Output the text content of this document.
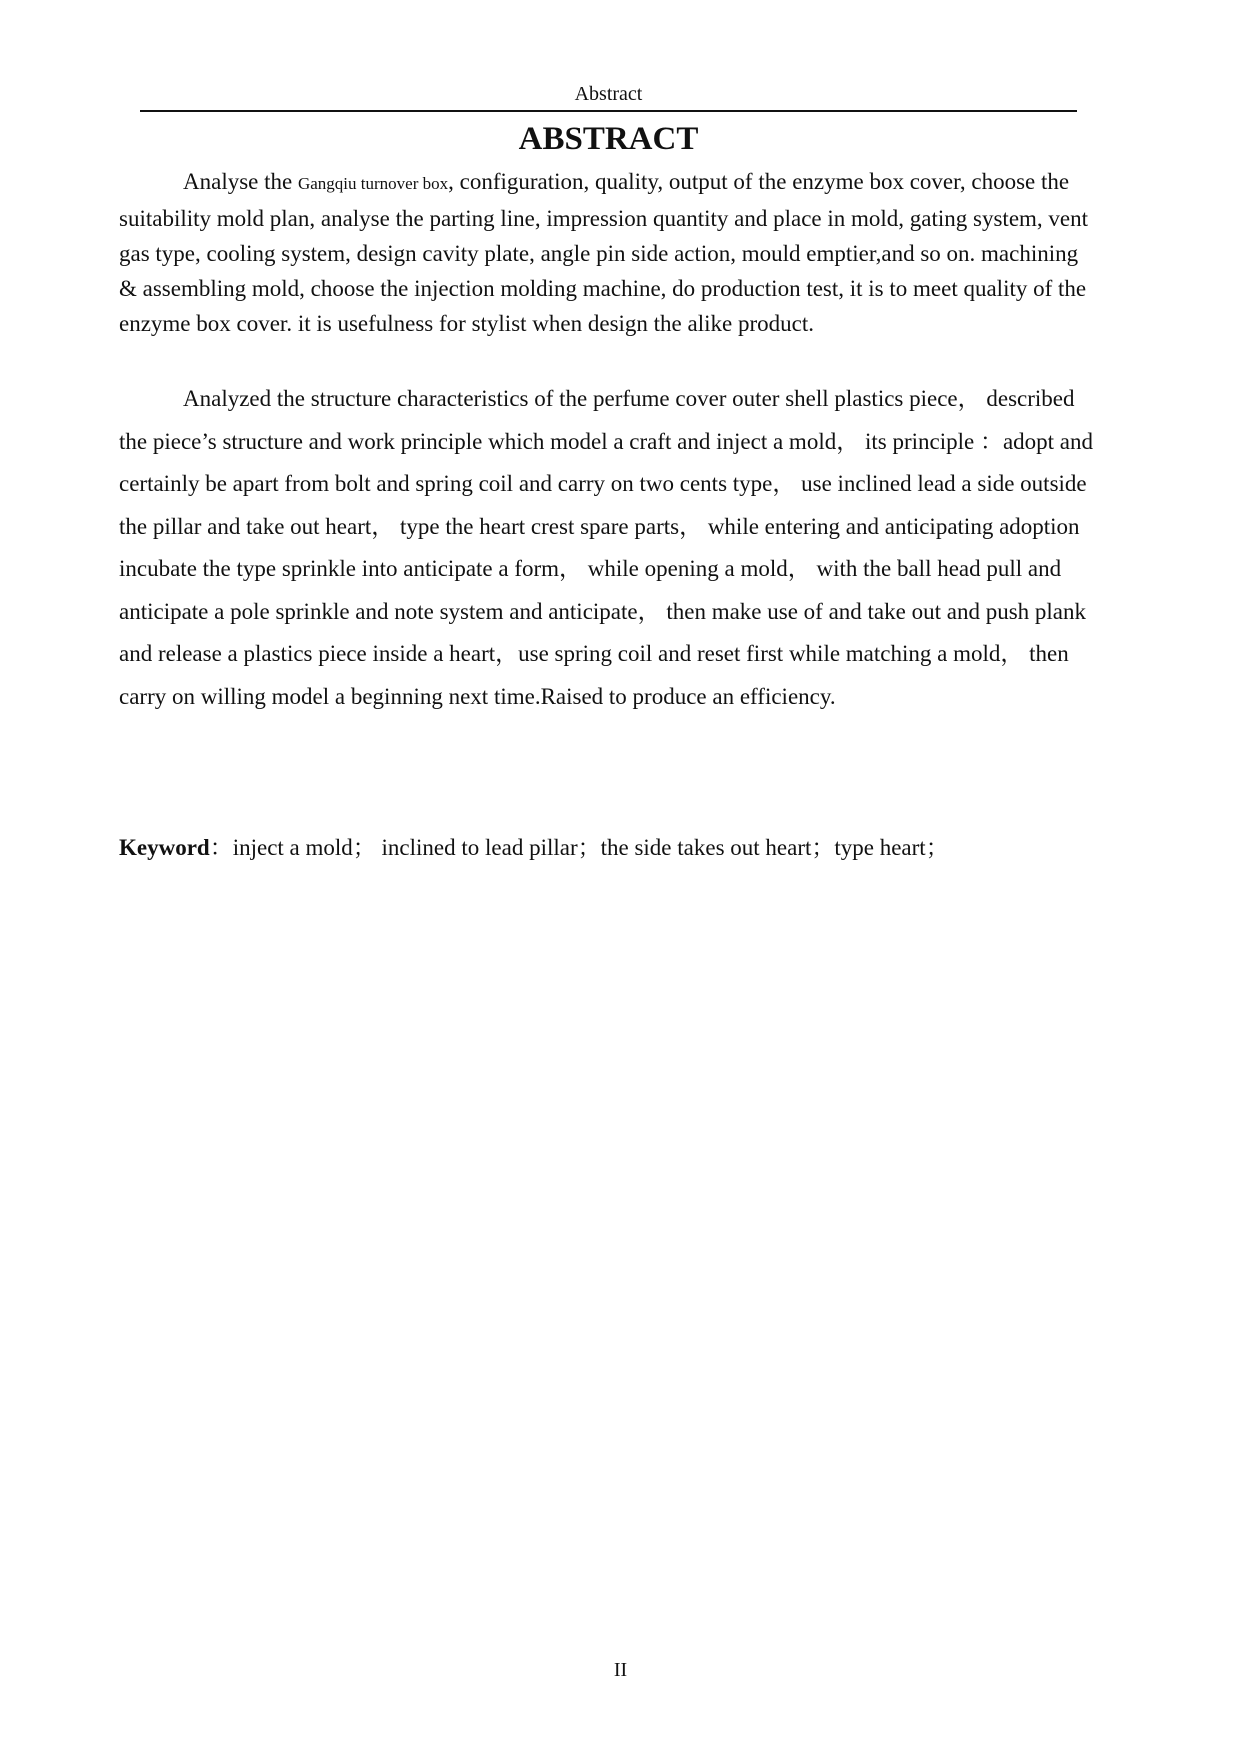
Abstract
ABSTRACT

Analyse the Gangqiu turnover box, configuration, quality, output of the enzyme box cover, choose the suitability mold plan, analyse the parting line, impression quantity and place in mold, gating system, vent gas type, cooling system, design cavity plate, angle pin side action, mould emptier,and so on. machining & assembling mold, choose the injection molding machine, do production test, it is to meet quality of the enzyme box cover. it is usefulness for stylist when design the alike product.

Analyzed the structure characteristics of the perfume cover outer shell plastics piece， described the piece’s structure and work principle which model a craft and inject a mold， its principle ：adopt and certainly be apart from bolt and spring coil and carry on two cents type， use inclined lead a side outside the pillar and take out heart， type the heart crest spare parts， while entering and anticipating adoption incubate the type sprinkle into anticipate a form， while opening a mold， with the ball head pull and anticipate a pole sprinkle and note system and anticipate， then make use of and take out and push plank and release a plastics piece inside a heart，use spring coil and reset first while matching a mold， then carry on willing model a beginning next time.Raised to produce an efficiency.

Keyword：inject a mold； inclined to lead pillar；the side takes out heart；type heart；

II
